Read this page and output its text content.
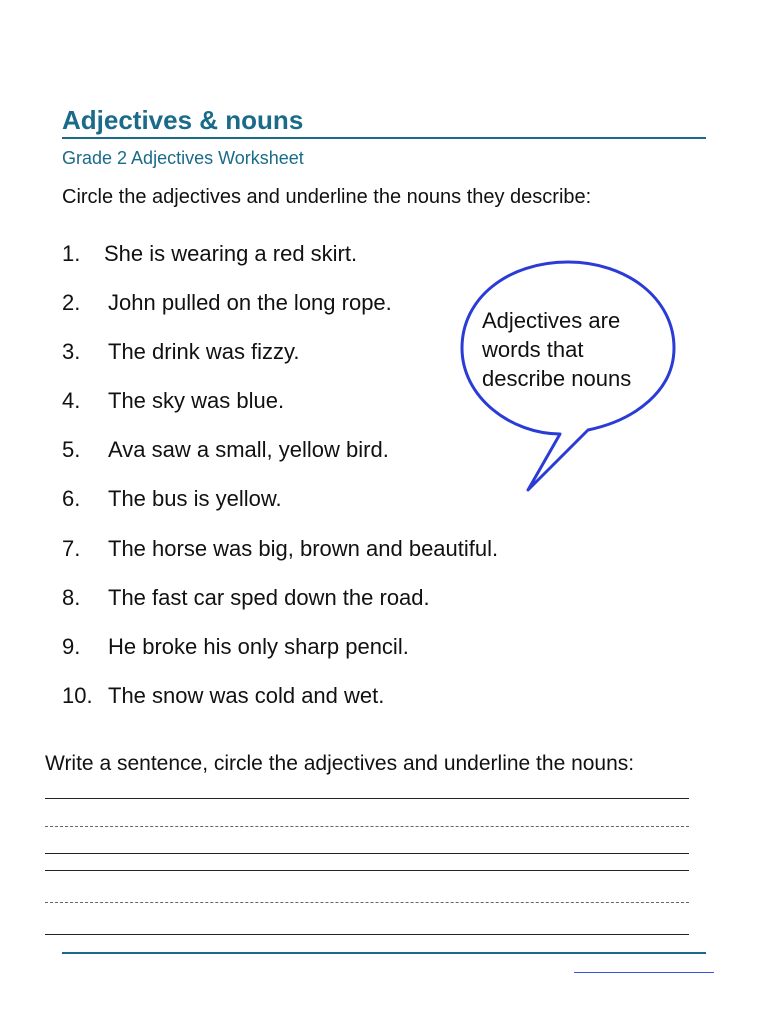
Adjectives & nouns
Grade 2 Adjectives Worksheet
Circle the adjectives and underline the nouns they describe:
1.	She is wearing a red skirt.
2.	John pulled on the long rope.
3.	The drink was fizzy.
4.	The sky was blue.
5.	Ava saw a small, yellow bird.
6.	The bus is yellow.
7.	The horse was big, brown and beautiful.
8.	The fast car sped down the road.
9.	He broke his only sharp pencil.
10. The snow was cold and wet.
Adjectives are
words that
describe nouns
Write a sentence, circle the adjectives and underline the nouns:
